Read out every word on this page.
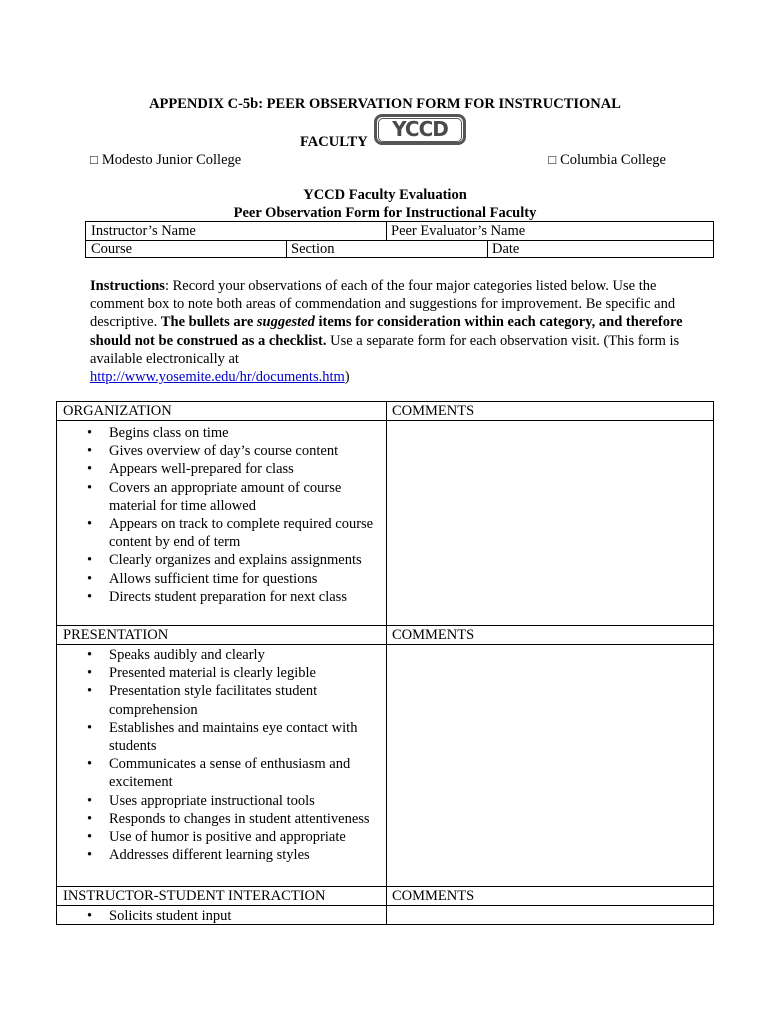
APPENDIX C-5b: PEER OBSERVATION FORM FOR INSTRUCTIONAL
FACULTY
YCCD
□ Modesto Junior College	□ Columbia College
YCCD Faculty Evaluation
Peer Observation Form for Instructional Faculty
Instructor’s Name	Peer Evaluator’s Name
Course	Section	Date
Instructions: Record your observations of each of the four major categories listed below. Use the comment box to note both areas of commendation and suggestions for improvement. Be specific and descriptive. The bullets are suggested items for consideration within each category, and therefore should not be construed as a checklist. Use a separate form for each observation visit. (This form is available electronically at
http://www.yosemite.edu/hr/documents.htm)
ORGANIZATION	COMMENTS
• Begins class on time
• Gives overview of day’s course content
• Appears well-prepared for class
• Covers an appropriate amount of course material for time allowed
• Appears on track to complete required course content by end of term
• Clearly organizes and explains assignments
• Allows sufficient time for questions
• Directs student preparation for next class
PRESENTATION	COMMENTS
• Speaks audibly and clearly
• Presented material is clearly legible
• Presentation style facilitates student comprehension
• Establishes and maintains eye contact with students
• Communicates a sense of enthusiasm and excitement
• Uses appropriate instructional tools
• Responds to changes in student attentiveness
• Use of humor is positive and appropriate
• Addresses different learning styles
INSTRUCTOR-STUDENT INTERACTION	COMMENTS
• Solicits student input
